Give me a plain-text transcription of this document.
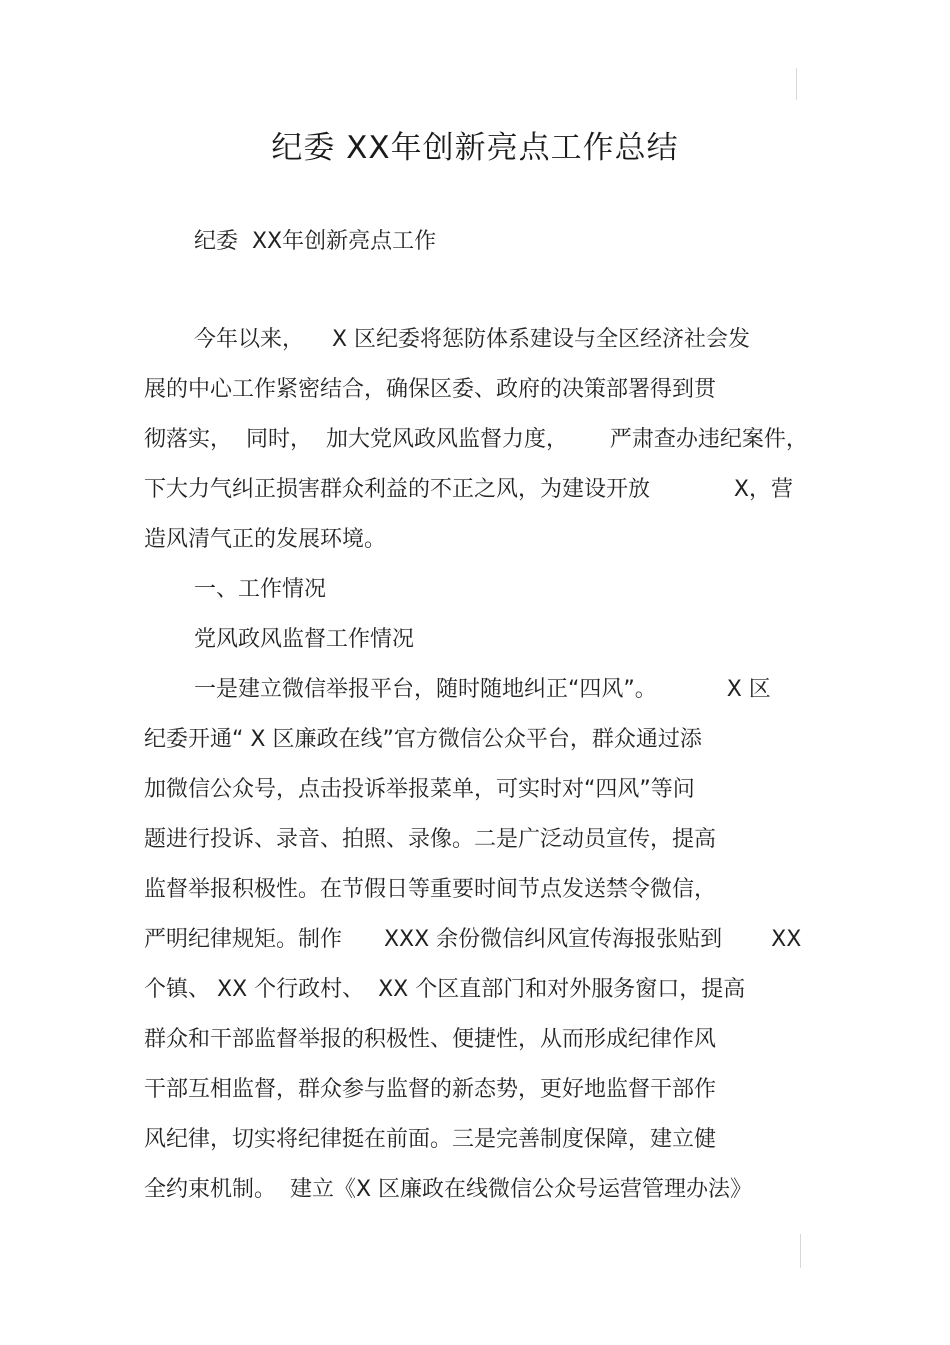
纪委 XX年创新亮点工作总结
纪委  XX年创新亮点工作
今年以来，    X 区纪委将惩防体系建设与全区经济社会发
展的中心工作紧密结合，确保区委、政府的决策部署得到贯
彻落实，  同时，  加大党风政风监督力度，      严肃查办违纪案件，
下大力气纠正损害群众利益的不正之风，为建设开放            X，营
造风清气正的发展环境。
一、工作情况
党风政风监督工作情况
一是建立微信举报平台，随时随地纠正“四风”。          X 区
纪委开通“ X 区廉政在线”官方微信公众平台，群众通过添
加微信公众号，点击投诉举报菜单，可实时对“四风”等问
题进行投诉、录音、拍照、录像。二是广泛动员宣传，提高
监督举报积极性。在节假日等重要时间节点发送禁令微信，
严明纪律规矩。制作      XXX 余份微信纠风宣传海报张贴到       XX
个镇、 XX 个行政村、  XX 个区直部门和对外服务窗口，提高
群众和干部监督举报的积极性、便捷性，从而形成纪律作风
干部互相监督，群众参与监督的新态势，更好地监督干部作
风纪律，切实将纪律挺在前面。三是完善制度保障，建立健
全约束机制。  建立《X 区廉政在线微信公众号运营管理办法》
